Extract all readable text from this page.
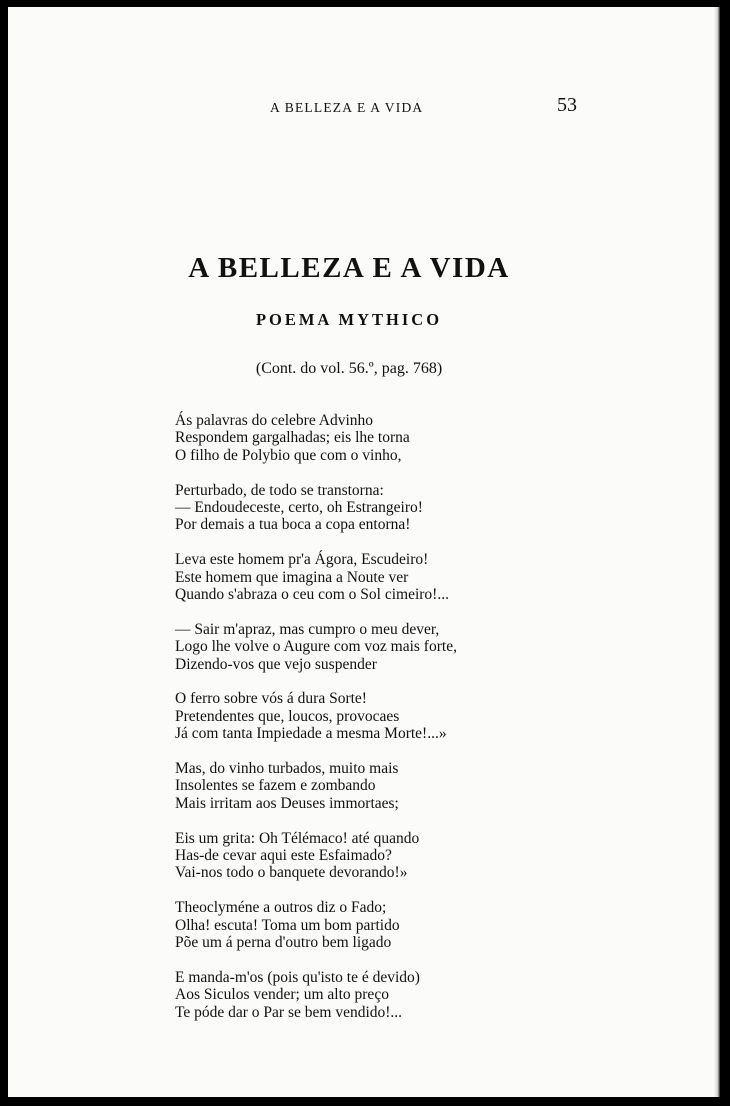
A BELLEZA E A VIDA	53
A BELLEZA E A VIDA
POEMA MYTHICO
(Cont. do vol. 56.º, pag. 768)
Ás palavras do celebre Advinho
Respondem gargalhadas; eis lhe torna
O filho de Polybio que com o vinho,
Perturbado, de todo se transtorna:
— Endoudeceste, certo, oh Estrangeiro!
Por demais a tua boca a copa entorna!
Leva este homem pr'a Ágora, Escudeiro!
Este homem que imagina a Noute ver
Quando s'abraza o ceu com o Sol cimeiro!...
— Sair m'apraz, mas cumpro o meu dever,
Logo lhe volve o Augure com voz mais forte,
Dizendo-vos que vejo suspender
O ferro sobre vós á dura Sorte!
Pretendentes que, loucos, provocaes
Já com tanta Impiedade a mesma Morte!...»
Mas, do vinho turbados, muito mais
Insolentes se fazem e zombando
Mais irritam aos Deuses immortaes;
Eis um grita: Oh Télémaco! até quando
Has-de cevar aqui este Esfaimado?
Vai-nos todo o banquete devorando!»
Theoclyméne a outros diz o Fado;
Olha! escuta! Toma um bom partido
Põe um á perna d'outro bem ligado
E manda-m'os (pois qu'isto te é devido)
Aos Siculos vender; um alto preço
Te póde dar o Par se bem vendido!...
